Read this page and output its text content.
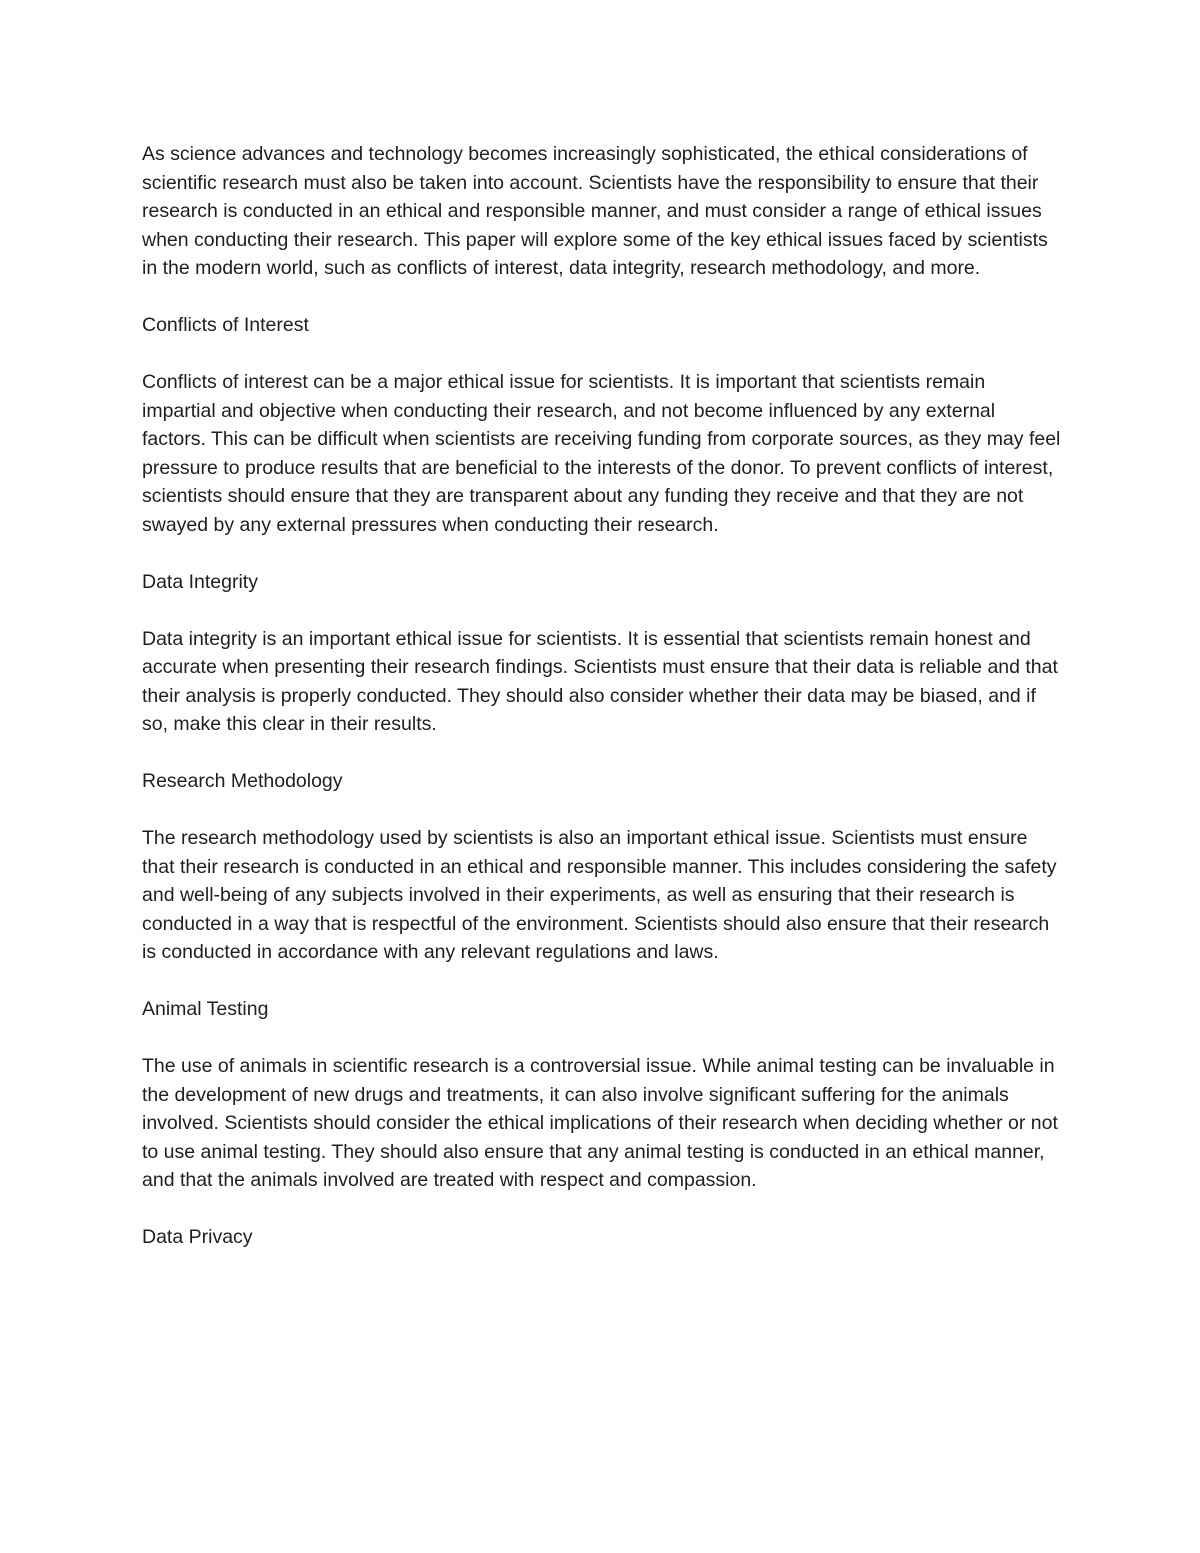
As science advances and technology becomes increasingly sophisticated, the ethical considerations of scientific research must also be taken into account. Scientists have the responsibility to ensure that their research is conducted in an ethical and responsible manner, and must consider a range of ethical issues when conducting their research. This paper will explore some of the key ethical issues faced by scientists in the modern world, such as conflicts of interest, data integrity, research methodology, and more.

Conflicts of Interest

Conflicts of interest can be a major ethical issue for scientists. It is important that scientists remain impartial and objective when conducting their research, and not become influenced by any external factors. This can be difficult when scientists are receiving funding from corporate sources, as they may feel pressure to produce results that are beneficial to the interests of the donor. To prevent conflicts of interest, scientists should ensure that they are transparent about any funding they receive and that they are not swayed by any external pressures when conducting their research.

Data Integrity

Data integrity is an important ethical issue for scientists. It is essential that scientists remain honest and accurate when presenting their research findings. Scientists must ensure that their data is reliable and that their analysis is properly conducted. They should also consider whether their data may be biased, and if so, make this clear in their results.

Research Methodology

The research methodology used by scientists is also an important ethical issue. Scientists must ensure that their research is conducted in an ethical and responsible manner. This includes considering the safety and well-being of any subjects involved in their experiments, as well as ensuring that their research is conducted in a way that is respectful of the environment. Scientists should also ensure that their research is conducted in accordance with any relevant regulations and laws.

Animal Testing

The use of animals in scientific research is a controversial issue. While animal testing can be invaluable in the development of new drugs and treatments, it can also involve significant suffering for the animals involved. Scientists should consider the ethical implications of their research when deciding whether or not to use animal testing. They should also ensure that any animal testing is conducted in an ethical manner, and that the animals involved are treated with respect and compassion.

Data Privacy
